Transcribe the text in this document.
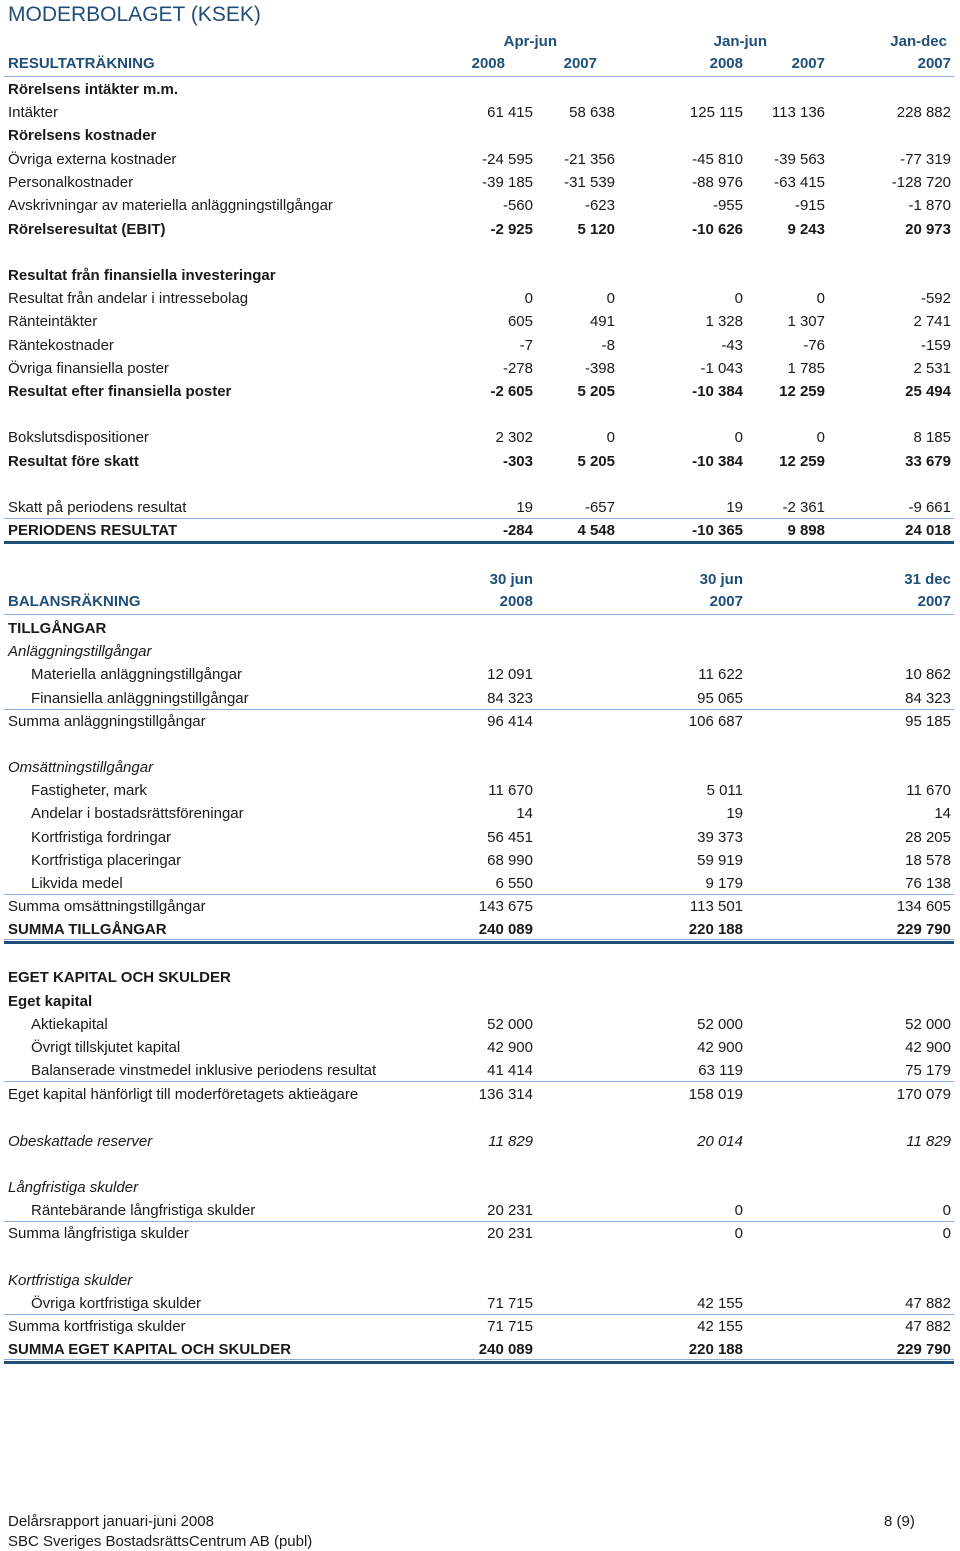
MODERBOLAGET (KSEK)
Apr-jun	Jan-jun	Jan-dec
RESULTATRÄKNING	2008	2007	2008	2007	2007
Rörelsens intäkter m.m.
Intäkter	61 415	58 638	125 115	113 136	228 882
Rörelsens kostnader
Övriga externa kostnader	-24 595	-21 356	-45 810	-39 563	-77 319
Personalkostnader	-39 185	-31 539	-88 976	-63 415	-128 720
Avskrivningar av materiella anläggningstillgångar	-560	-623	-955	-915	-1 870
Rörelseresultat (EBIT)	-2 925	5 120	-10 626	9 243	20 973
Resultat från finansiella investeringar
Resultat från andelar i intressebolag	0	0	0	0	-592
Ränteintäkter	605	491	1 328	1 307	2 741
Räntekostnader	-7	-8	-43	-76	-159
Övriga finansiella poster	-278	-398	-1 043	1 785	2 531
Resultat efter finansiella poster	-2 605	5 205	-10 384	12 259	25 494
Bokslutsdispositioner	2 302	0	0	0	8 185
Resultat före skatt	-303	5 205	-10 384	12 259	33 679
Skatt på periodens resultat	19	-657	19	-2 361	-9 661
PERIODENS RESULTAT	-284	4 548	-10 365	9 898	24 018
30 jun	30 jun	31 dec
BALANSRÄKNING	2008	2007	2007
TILLGÅNGAR
Anläggningstillgångar
Materiella anläggningstillgångar	12 091	11 622	10 862
Finansiella anläggningstillgångar	84 323	95 065	84 323
Summa anläggningstillgångar	96 414	106 687	95 185
Omsättningstillgångar
Fastigheter, mark	11 670	5 011	11 670
Andelar i bostadsrättsföreningar	14	19	14
Kortfristiga fordringar	56 451	39 373	28 205
Kortfristiga placeringar	68 990	59 919	18 578
Likvida medel	6 550	9 179	76 138
Summa omsättningstillgångar	143 675	113 501	134 605
SUMMA TILLGÅNGAR	240 089	220 188	229 790
EGET KAPITAL OCH SKULDER
Eget kapital
Aktiekapital	52 000	52 000	52 000
Övrigt tillskjutet kapital	42 900	42 900	42 900
Balanserade vinstmedel inklusive periodens resultat	41 414	63 119	75 179
Eget kapital hänförligt till moderföretagets aktieägare	136 314	158 019	170 079
Obeskattade reserver	11 829	20 014	11 829
Långfristiga skulder
Räntebärande långfristiga skulder	20 231	0	0
Summa långfristiga skulder	20 231	0	0
Kortfristiga skulder
Övriga kortfristiga skulder	71 715	42 155	47 882
Summa kortfristiga skulder	71 715	42 155	47 882
SUMMA EGET KAPITAL OCH SKULDER	240 089	220 188	229 790
Delårsrapport januari-juni 2008	8 (9)
SBC Sveriges BostadsrättsCentrum AB (publ)
